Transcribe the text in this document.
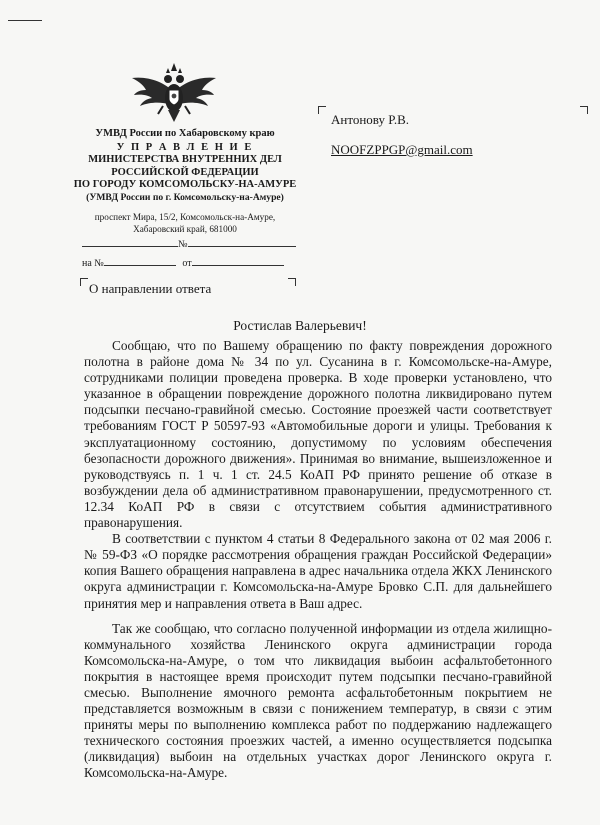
УМВД России по Хабаровскому краю
У П Р А В Л Е Н И Е
МИНИСТЕРСТВА ВНУТРЕННИХ ДЕЛ
РОССИЙСКОЙ ФЕДЕРАЦИИ
ПО ГОРОДУ КОМСОМОЛЬСКУ-НА-АМУРЕ
(УМВД России по г. Комсомольску-на-Амуре)
проспект Мира, 15/2, Комсомольск-на-Амуре,
Хабаровский край, 681000
№
на №	от
О направлении ответа
Антонову Р.В.
NOOFZPPGP@gmail.com
Ростислав Валерьевич!

Сообщаю, что по Вашему обращению по факту повреждения дорожного полотна в районе дома № 34 по ул. Сусанина в г. Комсомольске-на-Амуре, сотрудниками полиции проведена проверка. В ходе проверки установлено, что указанное в обращении повреждение дорожного полотна ликвидировано путем подсыпки песчано-гравийной смесью. Состояние проезжей части соответствует требованиям ГОСТ Р 50597-93 «Автомобильные дороги и улицы. Требования к эксплуатационному состоянию, допустимому по условиям обеспечения безопасности дорожного движения». Принимая во внимание, вышеизложенное и руководствуясь п. 1 ч. 1 ст. 24.5 КоАП РФ принято решение об отказе в возбуждении дела об административном правонарушении, предусмотренного ст. 12.34 КоАП РФ в связи с отсутствием события административного правонарушения.

В соответствии с пунктом 4 статьи 8 Федерального закона от 02 мая 2006 г. № 59-ФЗ «О порядке рассмотрения обращения граждан Российской Федерации» копия Вашего обращения направлена в адрес начальника отдела ЖКХ Ленинского округа администрации г. Комсомольска-на-Амуре Бровко С.П. для дальнейшего принятия мер и направления ответа в Ваш адрес.

Так же сообщаю, что согласно полученной информации из отдела жилищно-коммунального хозяйства Ленинского округа администрации города Комсомольска-на-Амуре, о том что ликвидация выбоин асфальтобетонного покрытия в настоящее время происходит путем подсыпки песчано-гравийной смесью. Выполнение ямочного ремонта асфальтобетонным покрытием не представляется возможным в связи с понижением температур, в связи с этим приняты меры по выполнению комплекса работ по поддержанию надлежащего технического состояния проезжих частей, а именно осуществляется подсыпка (ликвидация) выбоин на отдельных участках дорог Ленинского округа г. Комсомольска-на-Амуре.
